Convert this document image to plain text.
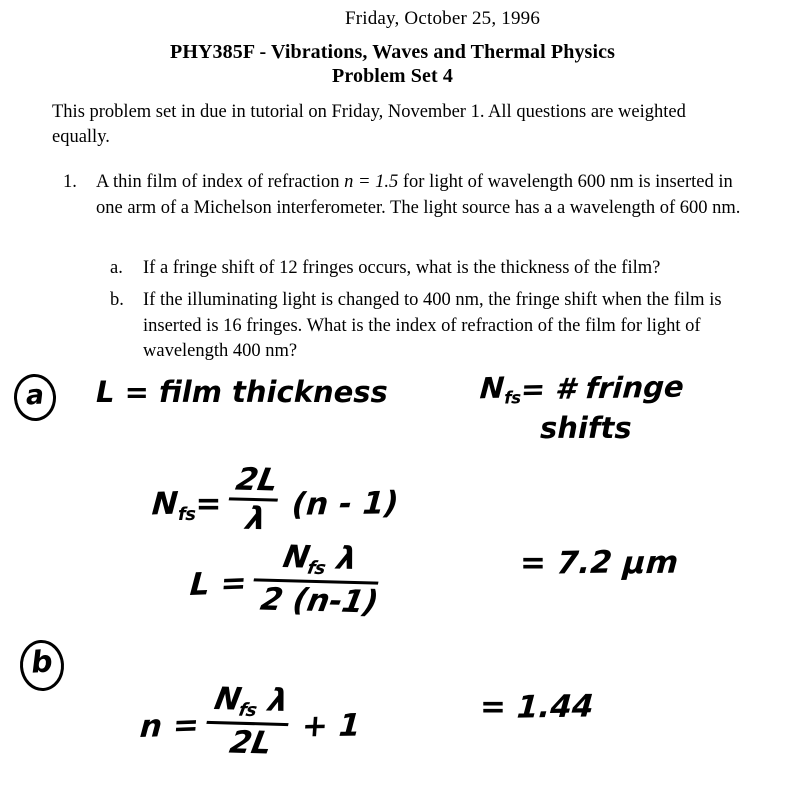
Friday, October 25, 1996
PHY385F - Vibrations, Waves and Thermal Physics
Problem Set 4
This problem set in due in tutorial on Friday, November 1. All questions are weighted equally.
1.	A thin film of index of refraction n = 1.5 for light of wavelength 600 nm is inserted in one arm of a Michelson interferometer. The light source has a a wavelength of 600 nm.
a.	If a fringe shift of 12 fringes occurs, what is the thickness of the film?
b.	If the illuminating light is changed to 400 nm, the fringe shift when the film is inserted is 16 fringes. What is the index of refraction of the film for light of wavelength 400 nm?
a	L = film thickness	$N_{fs}=$ # fringe
shifts
$N_{fs}= \frac{2L}{\lambda} (n - 1)$
$L = \frac{N_{fs} \lambda}{2 (n-1)}$	= 7.2 μm
b
$n = \frac{N_{fs} \lambda}{2L} + 1$
= 1.44
